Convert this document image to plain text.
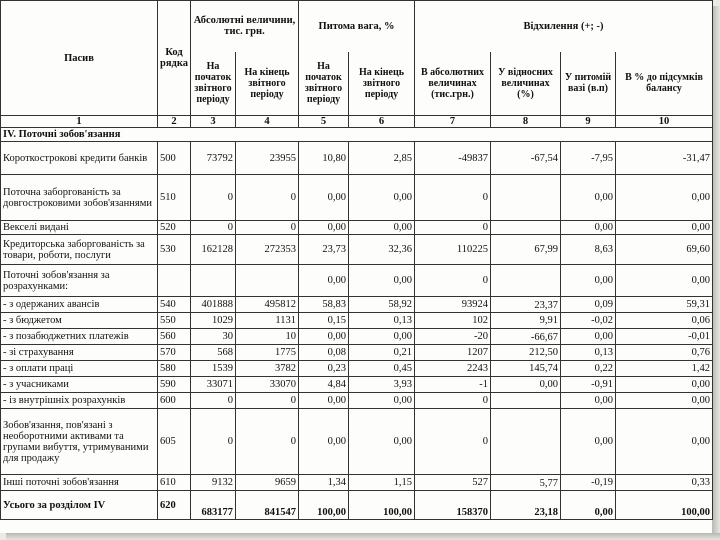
Пасив	Код рядка	Абсолютні величини, тис. грн.		Питома вага, %		Відхилення (+; -)			
		На початок звітного періоду	На кінець звітного періоду	На початок звітного періоду	На кінець звітного періоду	В абсолютних величинах (тис.грн.)	У відносних величинах (%)	У питомій вазі (в.п)	В % до підсумків балансу
1	2	3	4	5	6	7	8	9	10
IV. Поточні зобов'язання									
Короткострокові кредити банків	500	73792	23955	10,80	2,85	-49837	-67,54	-7,95	-31,47
Поточна заборгованість за довгостроковими зобов'язаннями	510	0	0	0,00	0,00	0		0,00	0,00
Векселі видані	520	0	0	0,00	0,00	0		0,00	0,00
Кредиторська заборгованість за товари, роботи, послуги	530	162128	272353	23,73	32,36	110225	67,99	8,63	69,60
Поточні зобов'язання за розрахунками:				0,00	0,00	0		0,00	0,00
- з одержаних авансів	540	401888	495812	58,83	58,92	93924	23,37	0,09	59,31
- з бюджетом	550	1029	1131	0,15	0,13	102	9,91	-0,02	0,06
- з позабюджетних платежів	560	30	10	0,00	0,00	-20	-66,67	0,00	-0,01
- зі страхування	570	568	1775	0,08	0,21	1207	212,50	0,13	0,76
- з оплати праці	580	1539	3782	0,23	0,45	2243	145,74	0,22	1,42
- з учасниками	590	33071	33070	4,84	3,93	-1	0,00	-0,91	0,00
- із внутрішніх розрахунків	600	0	0	0,00	0,00	0		0,00	0,00
Зобов'язання, пов'язані з необоротними активами та групами вибуття, утримуваними для продажу	605	0	0	0,00	0,00	0		0,00	0,00
Інші поточні зобов'язання	610	9132	9659	1,34	1,15	527	5,77	-0,19	0,33
Усього за розділом IV	620	683177	841547	100,00	100,00	158370	23,18	0,00	100,00
